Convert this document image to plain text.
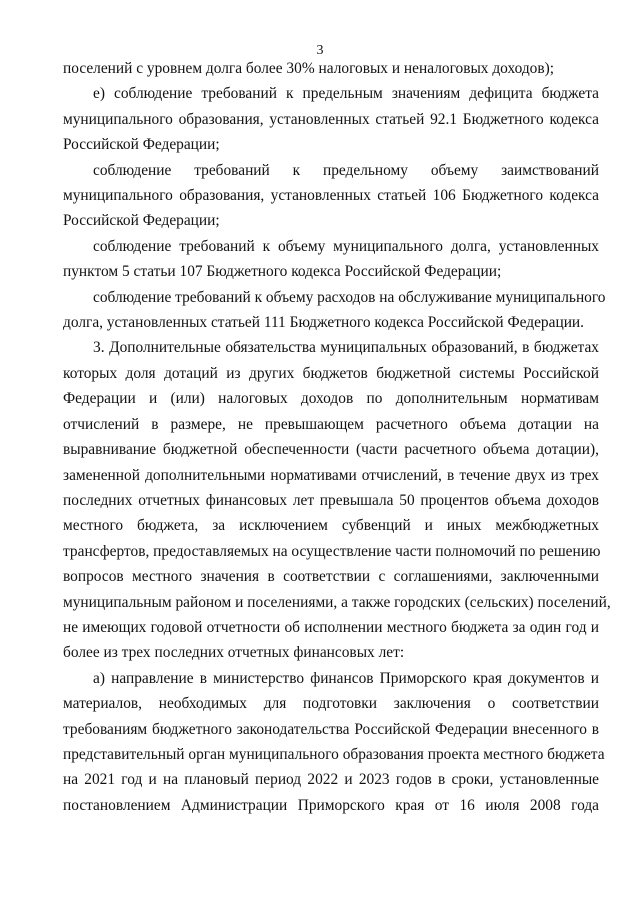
3
поселений с уровнем долга более 30% налоговых и неналоговых доходов);
е) соблюдение требований к предельным значениям дефицита бюджета
муниципального образования, установленных статьей 92.1 Бюджетного кодекса
Российской Федерации;
соблюдение требований к предельному объему заимствований
муниципального образования, установленных статьей 106 Бюджетного кодекса
Российской Федерации;
соблюдение требований к объему муниципального долга, установленных
пунктом 5 статьи 107 Бюджетного кодекса Российской Федерации;
соблюдение требований к объему расходов на обслуживание муниципального
долга, установленных статьей 111 Бюджетного кодекса Российской Федерации.
3. Дополнительные обязательства муниципальных образований, в бюджетах
которых доля дотаций из других бюджетов бюджетной системы Российской
Федерации и (или) налоговых доходов по дополнительным нормативам
отчислений в размере, не превышающем расчетного объема дотации на
выравнивание бюджетной обеспеченности (части расчетного объема дотации),
замененной дополнительными нормативами отчислений, в течение двух из трех
последних отчетных финансовых лет превышала 50 процентов объема доходов
местного бюджета, за исключением субвенций и иных межбюджетных
трансфертов, предоставляемых на осуществление части полномочий по решению
вопросов местного значения в соответствии с соглашениями, заключенными
муниципальным районом и поселениями, а также городских (сельских) поселений,
не имеющих годовой отчетности об исполнении местного бюджета за один год и
более из трех последних отчетных финансовых лет:
а) направление в министерство финансов Приморского края документов и
материалов, необходимых для подготовки заключения о соответствии
требованиям бюджетного законодательства Российской Федерации внесенного в
представительный орган муниципального образования проекта местного бюджета
на 2021 год и на плановый период 2022 и 2023 годов в сроки, установленные
постановлением Администрации Приморского края от 16 июля 2008 года
